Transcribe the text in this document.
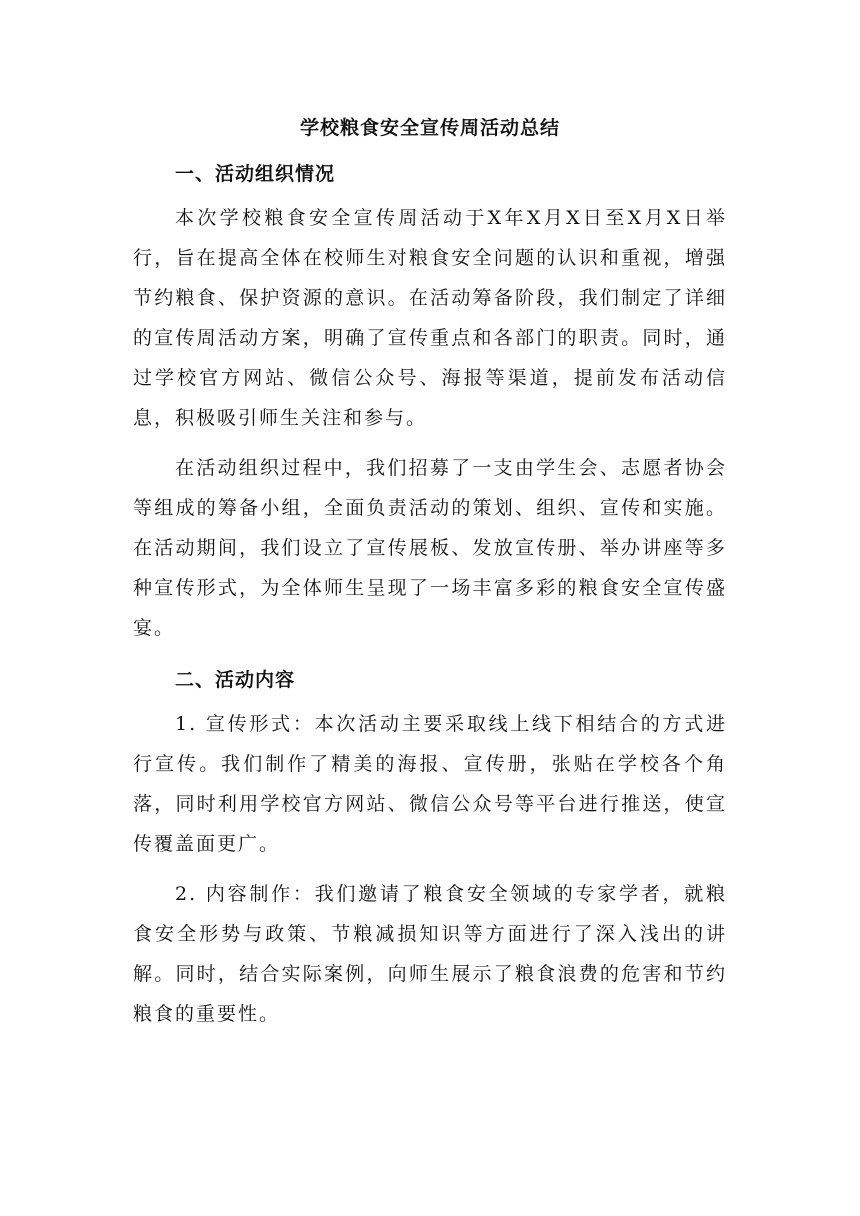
学校粮食安全宣传周活动总结
一、活动组织情况

本次学校粮食安全宣传周活动于X年X月X日至X月X日举行，旨在提高全体在校师生对粮食安全问题的认识和重视，增强节约粮食、保护资源的意识。在活动筹备阶段，我们制定了详细的宣传周活动方案，明确了宣传重点和各部门的职责。同时，通过学校官方网站、微信公众号、海报等渠道，提前发布活动信息，积极吸引师生关注和参与。

在活动组织过程中，我们招募了一支由学生会、志愿者协会等组成的筹备小组，全面负责活动的策划、组织、宣传和实施。在活动期间，我们设立了宣传展板、发放宣传册、举办讲座等多种宣传形式，为全体师生呈现了一场丰富多彩的粮食安全宣传盛宴。

二、活动内容

1. 宣传形式：本次活动主要采取线上线下相结合的方式进行宣传。我们制作了精美的海报、宣传册，张贴在学校各个角落，同时利用学校官方网站、微信公众号等平台进行推送，使宣传覆盖面更广。

2. 内容制作：我们邀请了粮食安全领域的专家学者，就粮食安全形势与政策、节粮减损知识等方面进行了深入浅出的讲解。同时，结合实际案例，向师生展示了粮食浪费的危害和节约粮食的重要性。
